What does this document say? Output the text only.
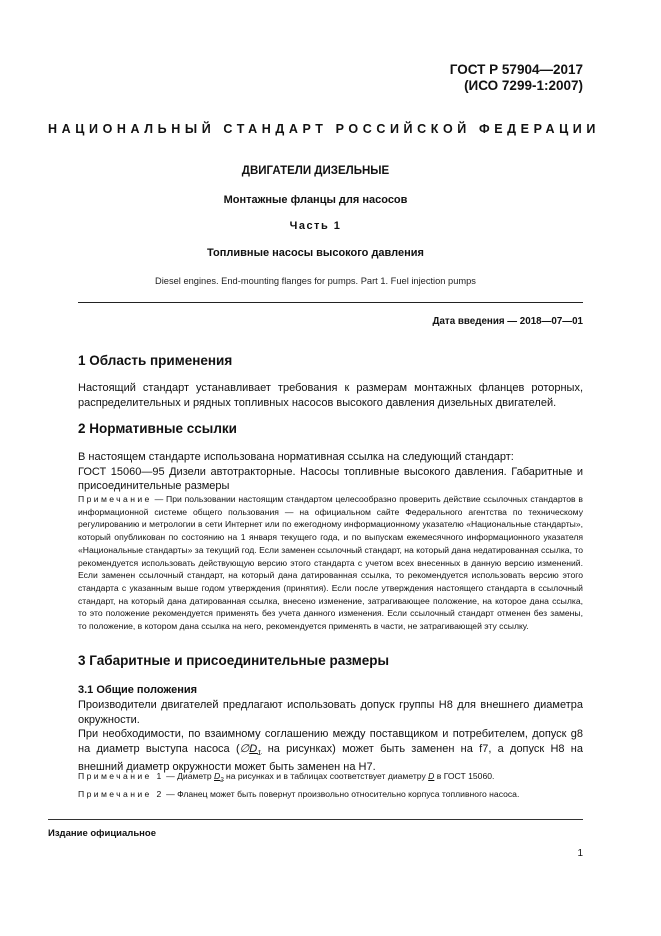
ГОСТ Р 57904—2017
(ИСО 7299-1:2007)
НАЦИОНАЛЬНЫЙ СТАНДАРТ РОССИЙСКОЙ ФЕДЕРАЦИИ
ДВИГАТЕЛИ ДИЗЕЛЬНЫЕ
Монтажные фланцы для насосов
Часть 1
Топливные насосы высокого давления
Diesel engines. End-mounting flanges for pumps. Part 1. Fuel injection pumps
Дата введения — 2018—07—01
1 Область применения
Настоящий стандарт устанавливает требования к размерам монтажных фланцев роторных, распределительных и рядных топливных насосов высокого давления дизельных двигателей.
2 Нормативные ссылки
В настоящем стандарте использована нормативная ссылка на следующий стандарт:
ГОСТ 15060—95 Дизели автотракторные. Насосы топливные высокого давления. Габаритные и присоединительные размеры
Примечание — При пользовании настоящим стандартом целесообразно проверить действие ссылочных стандартов в информационной системе общего пользования — на официальном сайте Федерального агентства по техническому регулированию и метрологии в сети Интернет или по ежегодному информационному указателю «Национальные стандарты», который опубликован по состоянию на 1 января текущего года, и по выпускам ежемесячного информационного указателя «Национальные стандарты» за текущий год. Если заменен ссылочный стандарт, на который дана недатированная ссылка, то рекомендуется использовать действующую версию этого стандарта с учетом всех внесенных в данную версию изменений. Если заменен ссылочный стандарт, на который дана датированная ссылка, то рекомендуется использовать версию этого стандарта с указанным выше годом утверждения (принятия). Если после утверждения настоящего стандарта в ссылочный стандарт, на который дана датированная ссылка, внесено изменение, затрагивающее положение, на которое дана ссылка, то это положение рекомендуется применять без учета данного изменения. Если ссылочный стандарт отменен без замены, то положение, в котором дана ссылка на него, рекомендуется применять в части, не затрагивающей эту ссылку.
3 Габаритные и присоединительные размеры
3.1 Общие положения
Производители двигателей предлагают использовать допуск группы H8 для внешнего диаметра окружности.
При необходимости, по взаимному соглашению между поставщиком и потребителем, допуск g8 на диаметр выступа насоса ($\emptyset D_1$ на рисунках) может быть заменен на f7, а допуск H8 на внешний диаметр окружности может быть заменен на H7.
Примечание 1 — Диаметр $D_2$ на рисунках и в таблицах соответствует диаметру D в ГОСТ 15060.
Примечание 2 — Фланец может быть повернут произвольно относительно корпуса топливного насоса.
Издание официальное
1
